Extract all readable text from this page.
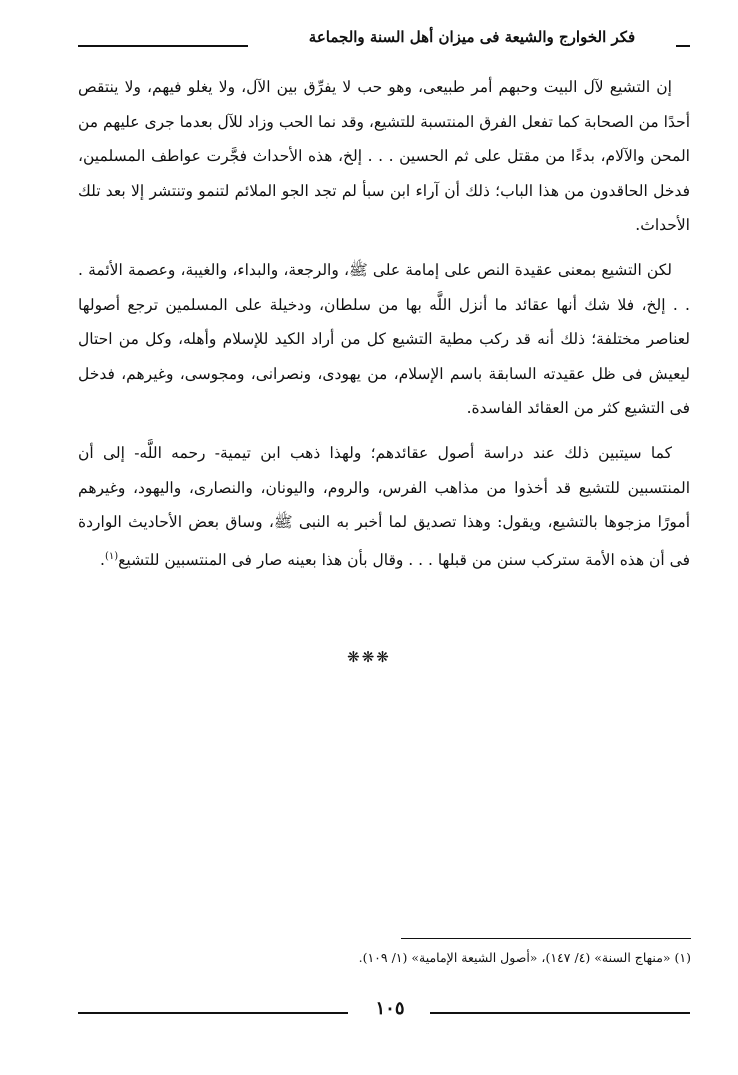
فكر الخوارج والشيعة فى ميزان أهل السنة والجماعة

إن التشيع لآل البيت وحبهم أمر طبيعى، وهو حب لا يفرِّق بين الآل، ولا يغلو فيهم، ولا ينتقص أحدًا من الصحابة كما تفعل الفرق المنتسبة للتشيع، وقد نما الحب وزاد للآل بعدما جرى عليهم من المحن والآلام، بدءًا من مقتل على ثم الحسين . . . إلخ، هذه الأحداث فجَّرت عواطف المسلمين، فدخل الحاقدون من هذا الباب؛ ذلك أن آراء ابن سبأ لم تجد الجو الملائم لتنمو وتنتشر إلا بعد تلك الأحداث.

لكن التشيع بمعنى عقيدة النص على إمامة على ﷺ، والرجعة، والبداء، والغيبة، وعصمة الأئمة . . . إلخ، فلا شك أنها عقائد ما أنزل اللَّه بها من سلطان، ودخيلة على المسلمين ترجع أصولها لعناصر مختلفة؛ ذلك أنه قد ركب مطية التشيع كل من أراد الكيد للإسلام وأهله، وكل من احتال ليعيش فى ظل عقيدته السابقة باسم الإسلام، من يهودى، ونصرانى، ومجوسى، وغيرهم، فدخل فى التشيع كثر من العقائد الفاسدة.

كما سيتبين ذلك عند دراسة أصول عقائدهم؛ ولهذا ذهب ابن تيمية- رحمه اللَّه- إلى أن المنتسبين للتشيع قد أخذوا من مذاهب الفرس، والروم، واليونان، والنصارى، واليهود، وغيرهم أمورًا مزجوها بالتشيع، ويقول: وهذا تصديق لما أخبر به النبى ﷺ، وساق بعض الأحاديث الواردة فى أن هذه الأمة ستركب سنن من قبلها . . . وقال بأن هذا بعينه صار فى المنتسبين للتشيع$^{(١)}$.

❋❋❋
(١) «منهاج السنة» (٤/ ١٤٧)، «أصول الشيعة الإمامية» (١/ ١٠٩).
١٠٥
